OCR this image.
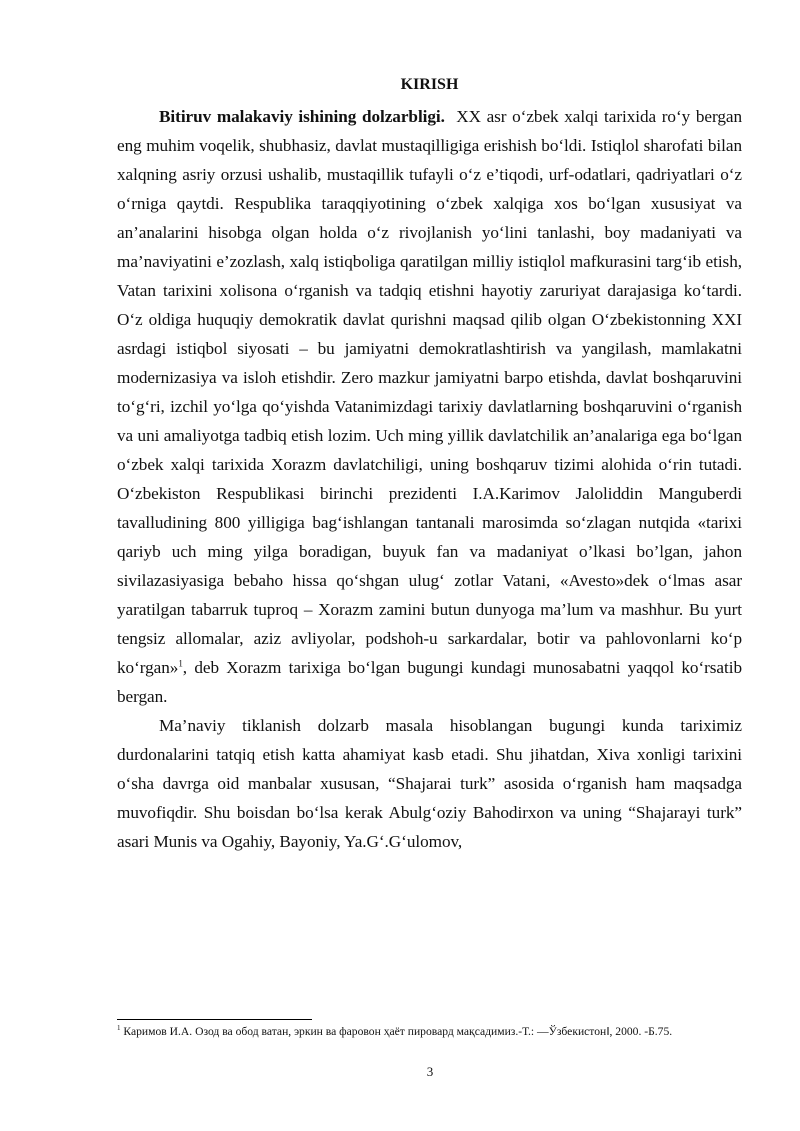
KIRISH

Bitiruv malakaviy ishining dolzarbligi. XX asr o‘zbek xalqi tarixida ro‘y bergan eng muhim voqelik, shubhasiz, davlat mustaqilligiga erishish bo‘ldi. Istiqlol sharofati bilan xalqning asriy orzusi ushalib, mustaqillik tufayli o‘z e’tiqodi, urf-odatlari, qadriyatlari o‘z o‘rniga qaytdi. Respublika taraqqiyotining o‘zbek xalqiga xos bo‘lgan xususiyat va an’analarini hisobga olgan holda o‘z rivojlanish yo‘lini tanlashi, boy madaniyati va ma’naviyatini e’zozlash, xalq istiqboliga qaratilgan milliy istiqlol mafkurasini targ‘ib etish, Vatan tarixini xolisona o‘rganish va tadqiq etishni hayotiy zaruriyat darajasiga ko‘tardi. O‘z oldiga huquqiy demokratik davlat qurishni maqsad qilib olgan O‘zbekistonning XXI asrdagi istiqbol siyosati – bu jamiyatni demokratlashtirish va yangilash, mamlakatni modernizasiya va isloh etishdir. Zero mazkur jamiyatni barpo etishda, davlat boshqaruvini to‘g‘ri, izchil yo‘lga qo‘yishda Vatanimizdagi tarixiy davlatlarning boshqaruvini o‘rganish va uni amaliyotga tadbiq etish lozim. Uch ming yillik davlatchilik an’analariga ega bo‘lgan o‘zbek xalqi tarixida Xorazm davlatchiligi, uning boshqaruv tizimi alohida o‘rin tutadi. O‘zbekiston Respublikasi birinchi prezidenti I.A.Karimov Jaloliddin Manguberdi tavalludining 800 yilligiga bag‘ishlangan tantanali marosimda so‘zlagan nutqida «tarixi qariyb uch ming yilga boradigan, buyuk fan va madaniyat o’lkasi bo’lgan, jahon sivilazasiyasiga bebaho hissa qo‘shgan ulug‘ zotlar Vatani, «Avesto»dek o‘lmas asar yaratilgan tabarruk tuproq – Xorazm zamini butun dunyoga ma’lum va mashhur. Bu yurt tengsiz allomalar, aziz avliyolar, podshoh-u sarkardalar, botir va pahlovonlarni ko‘p ko‘rgan»$^1$, deb Xorazm tarixiga bo‘lgan bugungi kundagi munosabatni yaqqol ko‘rsatib bergan.

Ma’naviy tiklanish dolzarb masala hisoblangan bugungi kunda tariximiz durdonalarini tatqiq etish katta ahamiyat kasb etadi. Shu jihatdan, Xiva xonligi tarixini o‘sha davrga oid manbalar xususan, “Shajarai turk” asosida o‘rganish ham maqsadga muvofiqdir. Shu boisdan bo‘lsa kerak Abulg‘oziy Bahodirxon va uning “Shajarayi turk” asari Munis va Ogahiy, Bayoniy, Ya.G‘.G‘ulomov,

$^1$ Каримов И.А. Озод ва обод ватан, эркин ва фаровон ҳаёт пировард мақсадимиз.-Т.: —Ўзбекистонǁ, 2000. -Б.75.
3
